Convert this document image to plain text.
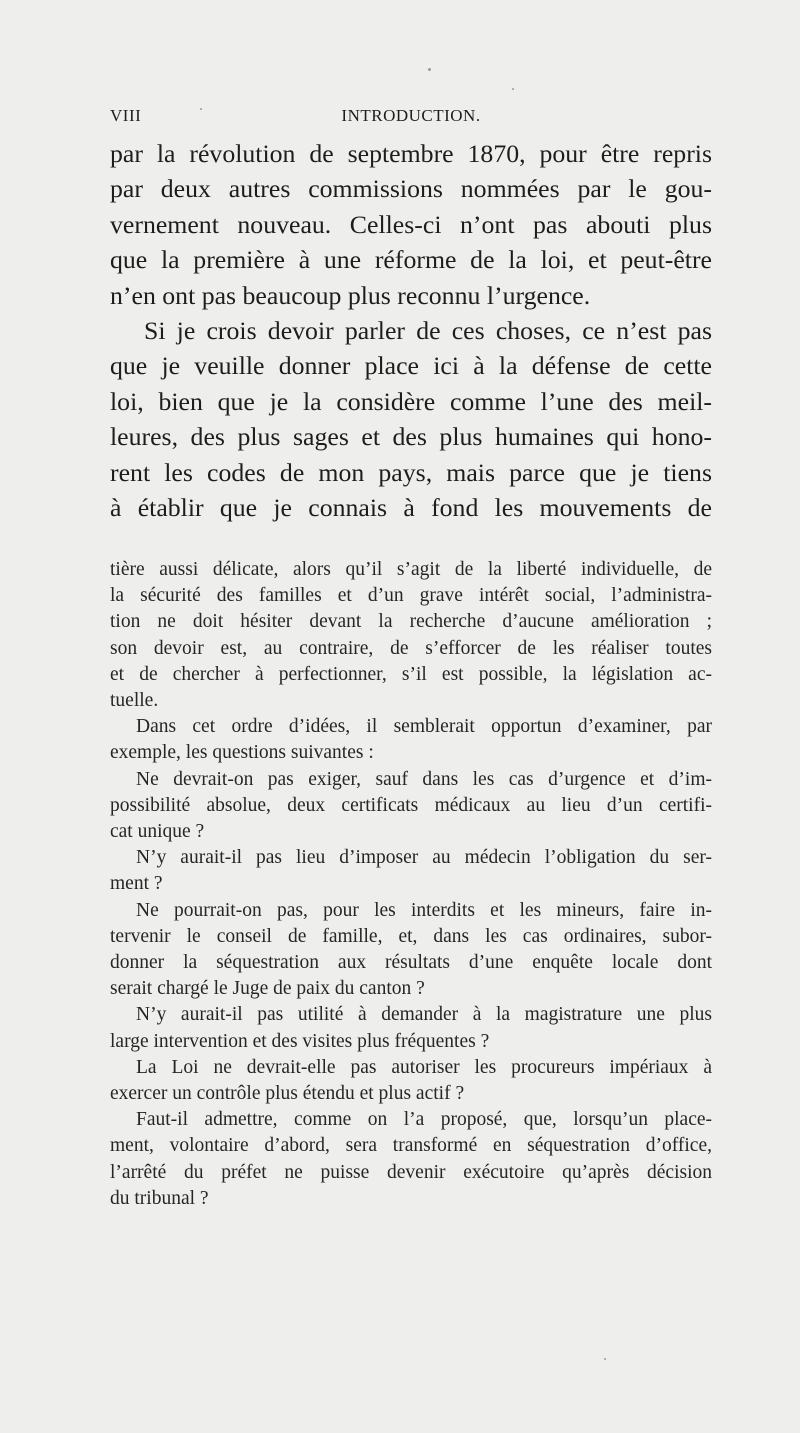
VIII	INTRODUCTION.
par la révolution de septembre 1870, pour être repris
par deux autres commissions nommées par le gou-
vernement nouveau. Celles-ci n’ont pas abouti plus
que la première à une réforme de la loi, et peut-être
n’en ont pas beaucoup plus reconnu l’urgence.
Si je crois devoir parler de ces choses, ce n’est pas
que je veuille donner place ici à la défense de cette
loi, bien que je la considère comme l’une des meil-
leures, des plus sages et des plus humaines qui hono-
rent les codes de mon pays, mais parce que je tiens
à établir que je connais à fond les mouvements de
tière aussi délicate, alors qu’il s’agit de la liberté individuelle, de
la sécurité des familles et d’un grave intérêt social, l’administra-
tion ne doit hésiter devant la recherche d’aucune amélioration ;
son devoir est, au contraire, de s’efforcer de les réaliser toutes
et de chercher à perfectionner, s’il est possible, la législation ac-
tuelle.
Dans cet ordre d’idées, il semblerait opportun d’examiner, par
exemple, les questions suivantes :
Ne devrait-on pas exiger, sauf dans les cas d’urgence et d’im-
possibilité absolue, deux certificats médicaux au lieu d’un certifi-
cat unique ?
N’y aurait-il pas lieu d’imposer au médecin l’obligation du ser-
ment ?
Ne pourrait-on pas, pour les interdits et les mineurs, faire in-
tervenir le conseil de famille, et, dans les cas ordinaires, subor-
donner la séquestration aux résultats d’une enquête locale dont
serait chargé le Juge de paix du canton ?
N’y aurait-il pas utilité à demander à la magistrature une plus
large intervention et des visites plus fréquentes ?
La Loi ne devrait-elle pas autoriser les procureurs impériaux à
exercer un contrôle plus étendu et plus actif ?
Faut-il admettre, comme on l’a proposé, que, lorsqu’un place-
ment, volontaire d’abord, sera transformé en séquestration d’office,
l’arrêté du préfet ne puisse devenir exécutoire qu’après décision
du tribunal ?
